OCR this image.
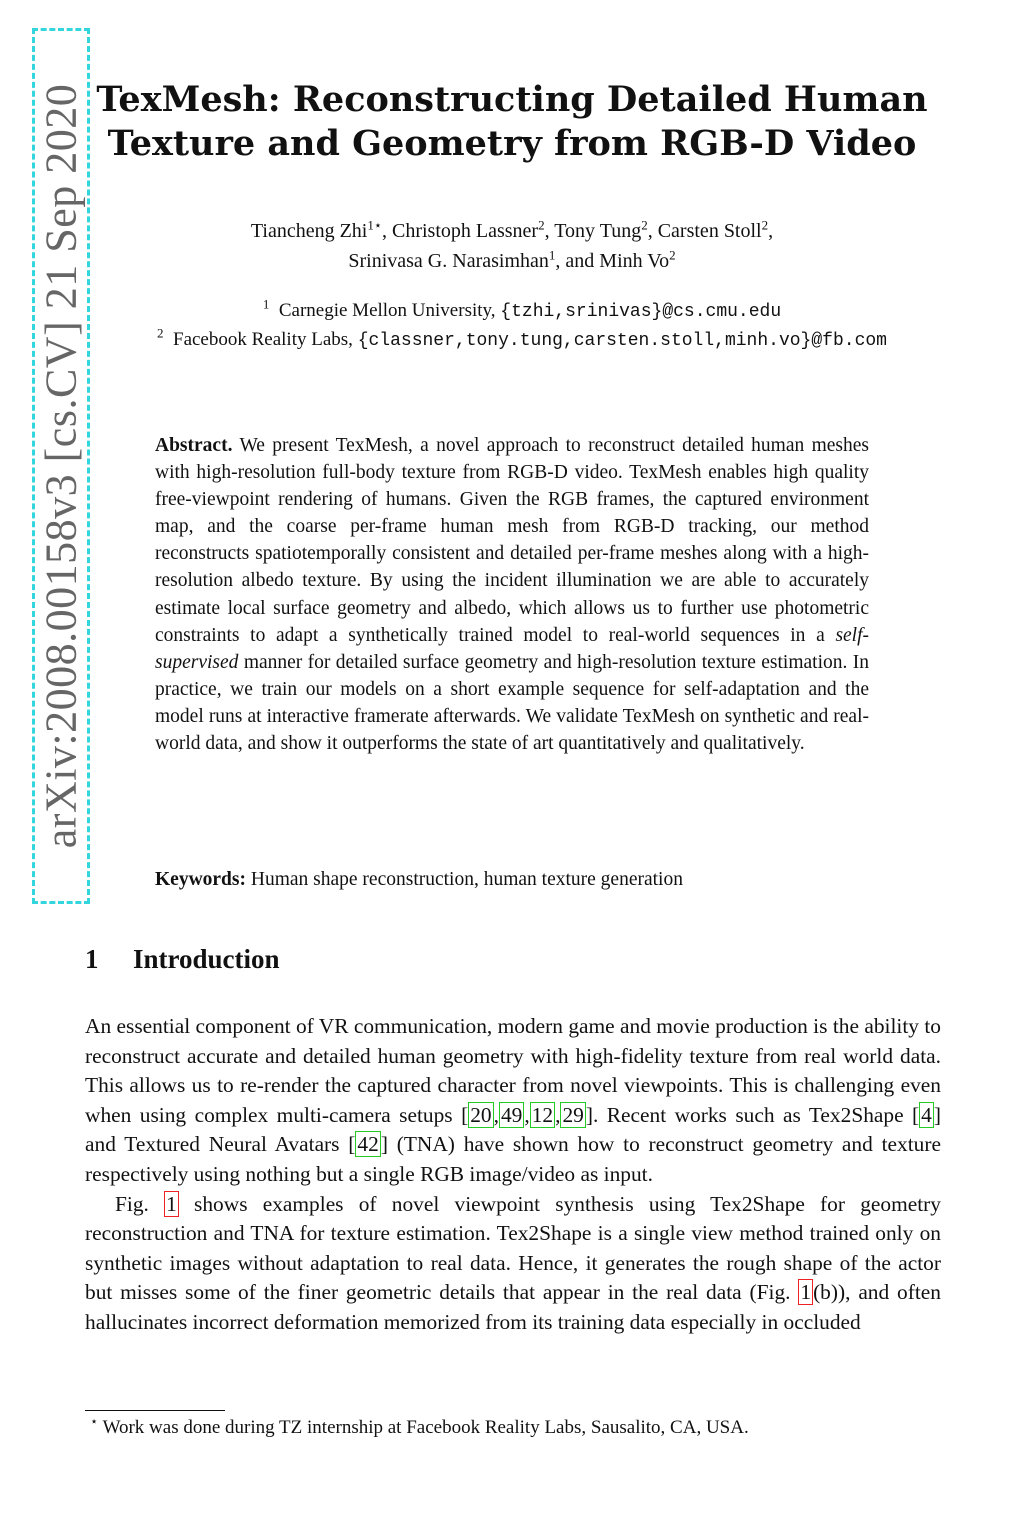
arXiv:2008.00158v3 [cs.CV] 21 Sep 2020 TexMesh: Reconstructing Detailed Human
Texture and Geometry from RGB-D Video
Tiancheng Zhi$^{1⋆}$, Christoph Lassner$^2$, Tony Tung$^2$, Carsten Stoll$^2$,
Srinivasa G. Narasimhan$^1$, and Minh Vo$^2$
$^1$ Carnegie Mellon University, {tzhi,srinivas}@cs.cmu.edu
$^2$ Facebook Reality Labs, {classner,tony.tung,carsten.stoll,minh.vo}@fb.com
Abstract. We present TexMesh, a novel approach to reconstruct detailed human meshes with high-resolution full-body texture from RGB-D video. TexMesh enables high quality free-viewpoint rendering of humans. Given the RGB frames, the captured environment map, and the coarse per-frame human mesh from RGB-D tracking, our method reconstructs spatiotemporally consistent and detailed per-frame meshes along with a high-resolution albedo texture. By using the incident illumination we are able to accurately estimate local surface geometry and albedo, which allows us to further use photometric constraints to adapt a synthetically trained model to real-world sequences in a self-supervised manner for detailed surface geometry and high-resolution texture estimation. In practice, we train our models on a short example sequence for self-adaptation and the model runs at interactive framerate afterwards. We validate TexMesh on synthetic and real-world data, and show it outperforms the state of art quantitatively and qualitatively.
Keywords: Human shape reconstruction, human texture generation
1 Introduction

An essential component of VR communication, modern game and movie production is the ability to reconstruct accurate and detailed human geometry with high-fidelity texture from real world data. This allows us to re-render the captured character from novel viewpoints. This is challenging even when using complex multi-camera setups [20,49,12,29]. Recent works such as Tex2Shape [4] and Textured Neural Avatars [42] (TNA) have shown how to reconstruct geometry and texture respectively using nothing but a single RGB image/video as input.

Fig. 1 shows examples of novel viewpoint synthesis using Tex2Shape for geometry reconstruction and TNA for texture estimation. Tex2Shape is a single view method trained only on synthetic images without adaptation to real data. Hence, it generates the rough shape of the actor but misses some of the finer geometric details that appear in the real data (Fig. 1(b)), and often hallucinates incorrect deformation memorized from its training data especially in occluded

⋆ Work was done during TZ internship at Facebook Reality Labs, Sausalito, CA, USA.
